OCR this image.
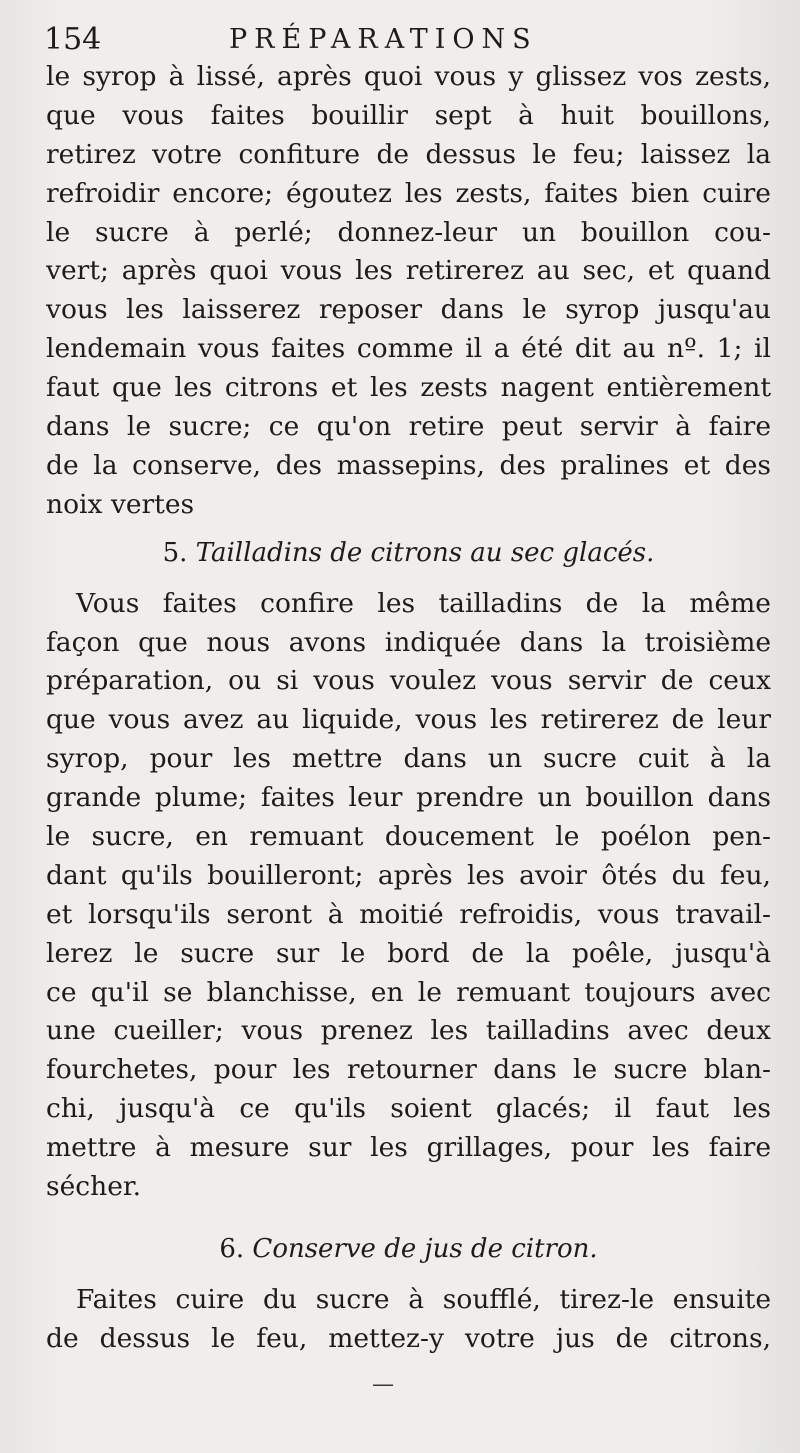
154	PRÉPARATIONS
le syrop à lissé, après quoi vous y glissez vos zests,
que vous faites bouillir sept à huit bouillons,
retirez votre confiture de dessus le feu; laissez la
refroidir encore; égoutez les zests, faites bien cuire
le sucre à perlé; donnez-leur un bouillon cou-
vert; après quoi vous les retirerez au sec, et quand
vous les laisserez reposer dans le syrop jusqu'au
lendemain vous faites comme il a été dit au nº. 1; il
faut que les citrons et les zests nagent entièrement
dans le sucre; ce qu'on retire peut servir à faire
de la conserve, des massepins, des pralines et des
noix vertes
5. Tailladins de citrons au sec glacés.
Vous faites confire les tailladins de la même
façon que nous avons indiquée dans la troisième
préparation, ou si vous voulez vous servir de ceux
que vous avez au liquide, vous les retirerez de leur
syrop, pour les mettre dans un sucre cuit à la
grande plume; faites leur prendre un bouillon dans
le sucre, en remuant doucement le poélon pen-
dant qu'ils bouilleront; après les avoir ôtés du feu,
et lorsqu'ils seront à moitié refroidis, vous travail-
lerez le sucre sur le bord de la poêle, jusqu'à
ce qu'il se blanchisse, en le remuant toujours avec
une cueiller; vous prenez les tailladins avec deux
fourchetes, pour les retourner dans le sucre blan-
chi, jusqu'à ce qu'ils soient glacés; il faut les
mettre à mesure sur les grillages, pour les faire
sécher.
6. Conserve de jus de citron.
Faites cuire du sucre à soufflé, tirez-le ensuite
de dessus le feu, mettez-y votre jus de citrons,
—
